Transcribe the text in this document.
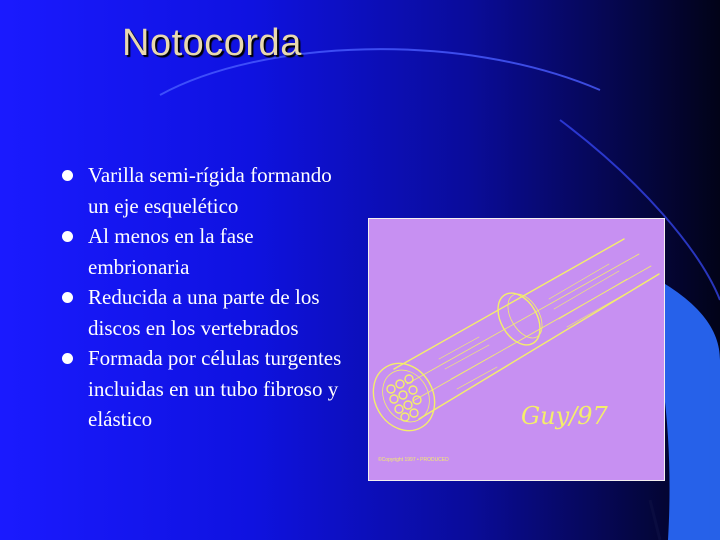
Notocorda
Varilla semi-rígida formando un eje esquelético
Al menos en la fase embrionaria
Reducida a una parte de los discos en los vertebrados
Formada por células turgentes incluidas en un tubo fibroso y elástico	Guy/97
©Copyright 1997 • PRODUCED
